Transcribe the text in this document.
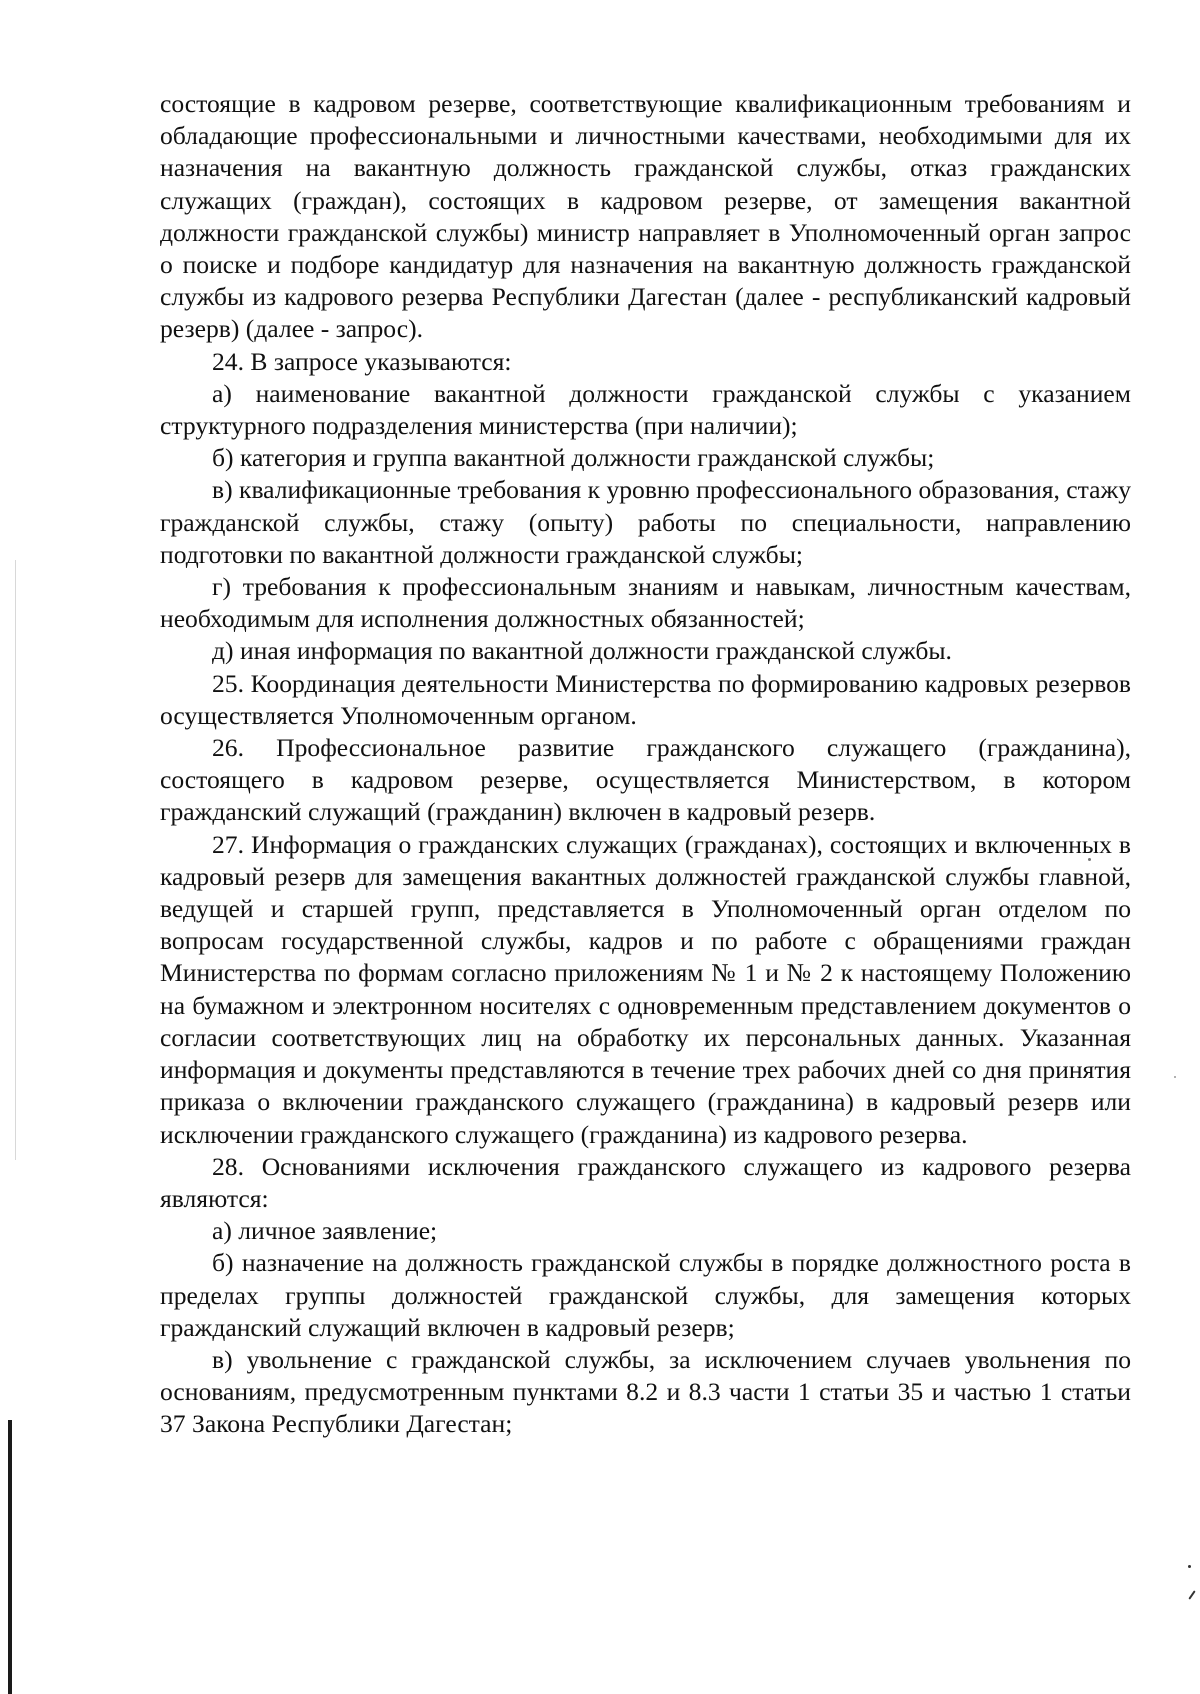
состоящие в кадровом резерве, соответствующие квалификационным требованиям и обладающие профессиональными и личностными качествами, необходимыми для их назначения на вакантную должность гражданской службы, отказ гражданских служащих (граждан), состоящих в кадровом резерве, от замещения вакантной должности гражданской службы) министр направляет в Уполномоченный орган запрос о поиске и подборе кандидатур для назначения на вакантную должность гражданской службы из кадрового резерва Республики Дагестан (далее - республиканский кадровый резерв) (далее - запрос).

24. В запросе указываются:

а) наименование вакантной должности гражданской службы с указанием структурного подразделения министерства (при наличии);

б) категория и группа вакантной должности гражданской службы;

в) квалификационные требования к уровню профессионального образования, стажу гражданской службы, стажу (опыту) работы по специальности, направлению подготовки по вакантной должности гражданской службы;

г) требования к профессиональным знаниям и навыкам, личностным качествам, необходимым для исполнения должностных обязанностей;

д) иная информация по вакантной должности гражданской службы.

25. Координация деятельности Министерства по формированию кадровых резервов осуществляется Уполномоченным органом.

26. Профессиональное развитие гражданского служащего (гражданина), состоящего в кадровом резерве, осуществляется Министерством, в котором гражданский служащий (гражданин) включен в кадровый резерв.

27. Информация о гражданских служащих (гражданах), состоящих и включенных в кадровый резерв для замещения вакантных должностей гражданской службы главной, ведущей и старшей групп, представляется в Уполномоченный орган отделом по вопросам государственной службы, кадров и по работе с обращениями граждан Министерства по формам согласно приложениям № 1 и № 2 к настоящему Положению на бумажном и электронном носителях с одновременным представлением документов о согласии соответствующих лиц на обработку их персональных данных. Указанная информация и документы представляются в течение трех рабочих дней со дня принятия приказа о включении гражданского служащего (гражданина) в кадровый резерв или исключении гражданского служащего (гражданина) из кадрового резерва.

28. Основаниями исключения гражданского служащего из кадрового резерва являются:

а) личное заявление;

б) назначение на должность гражданской службы в порядке должностного роста в пределах группы должностей гражданской службы, для замещения которых гражданский служащий включен в кадровый резерв;

в) увольнение с гражданской службы, за исключением случаев увольнения по основаниям, предусмотренным пунктами 8.2 и 8.3 части 1 статьи 35 и частью 1 статьи 37 Закона Республики Дагестан;
